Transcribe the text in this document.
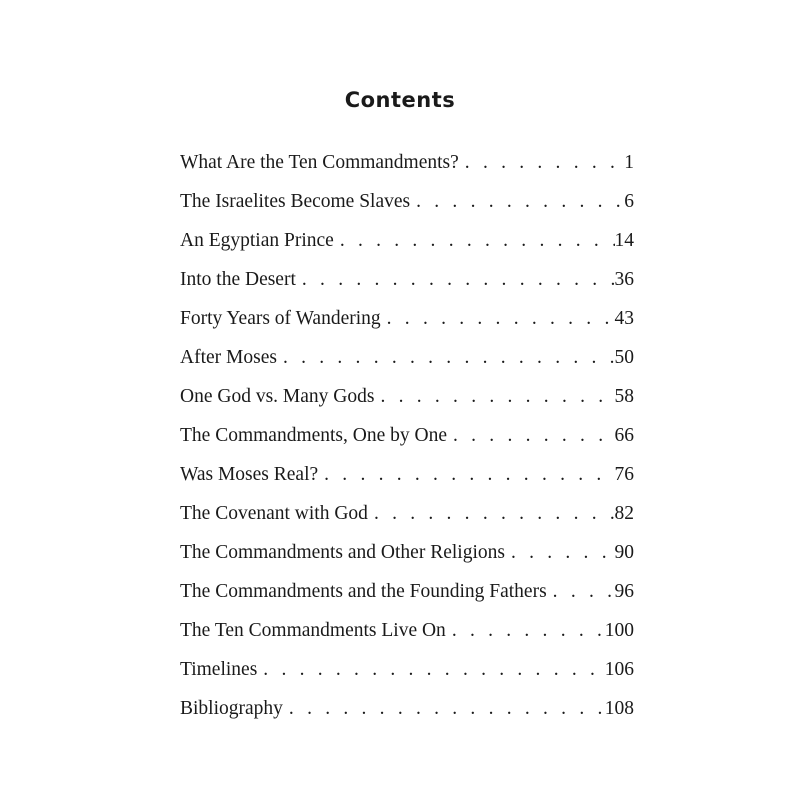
Contents
What Are the Ten Commandments? . . .	1
The Israelites Become Slaves . . .	6
An Egyptian Prince . . .	14
Into the Desert . . .	36
Forty Years of Wandering . . .	43
After Moses . . .	50
One God vs. Many Gods . . .	58
The Commandments, One by One . . .	66
Was Moses Real? . . .	76
The Covenant with God . . .	82
The Commandments and Other Religions . . .	90
The Commandments and the Founding Fathers . . .	96
The Ten Commandments Live On . . .	100
Timelines . . .	106
Bibliography . . .	108
